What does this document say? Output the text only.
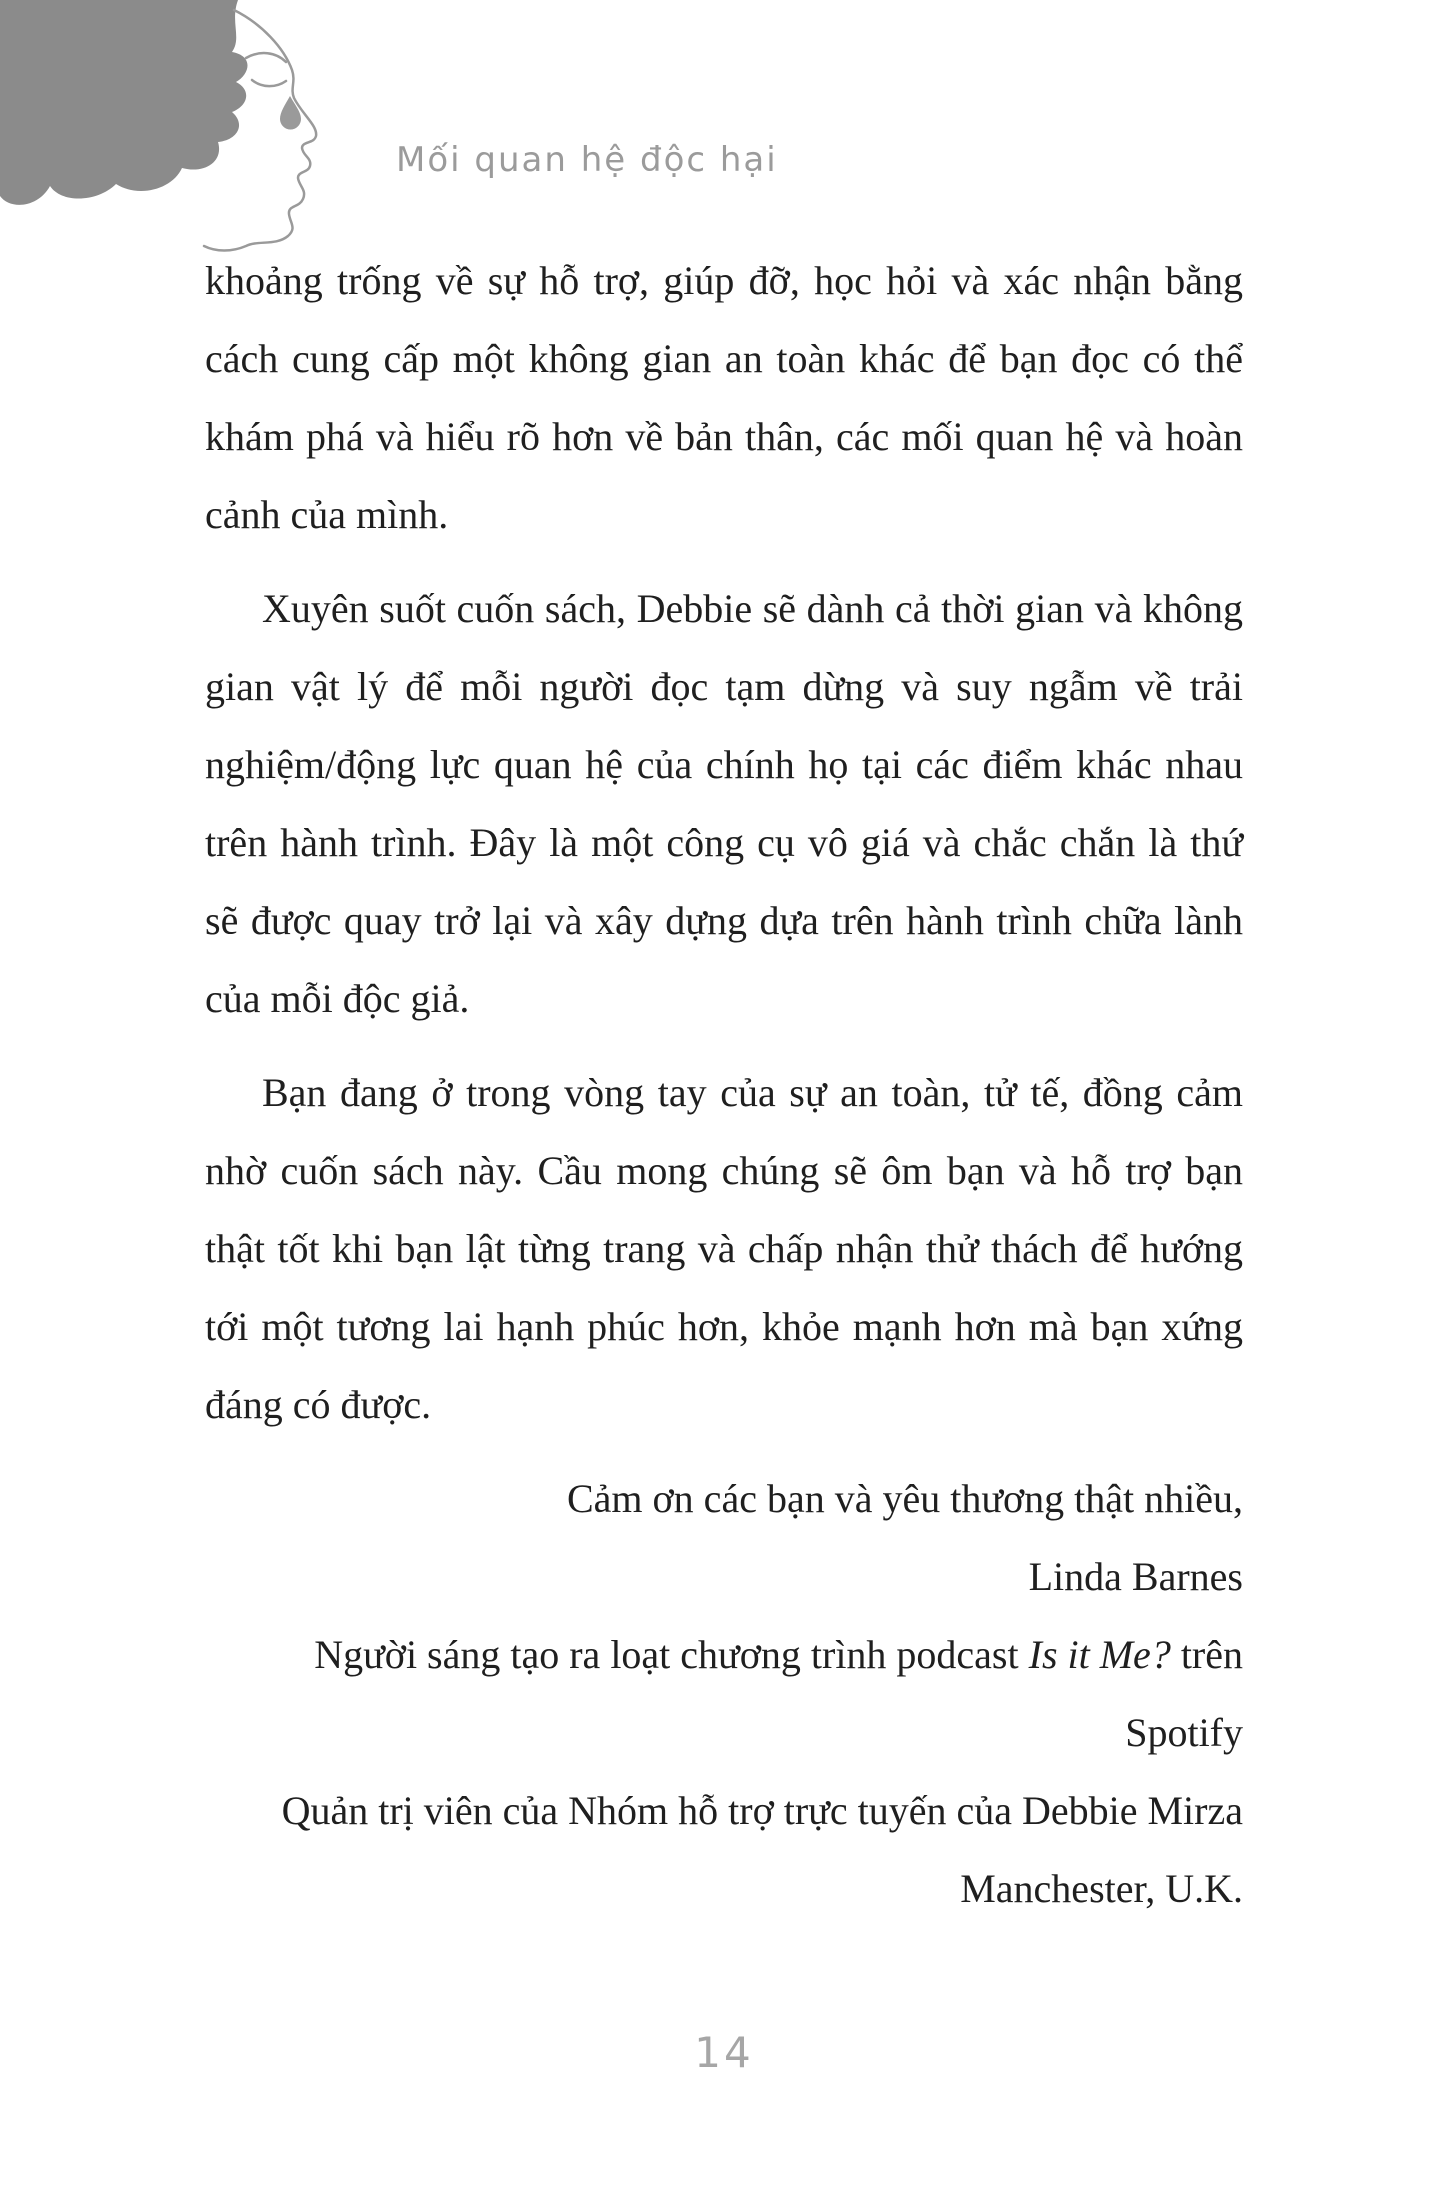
Mối quan hệ độc hại

khoảng trống về sự hỗ trợ, giúp đỡ, học hỏi và xác nhận bằng cách cung cấp một không gian an toàn khác để bạn đọc có thể khám phá và hiểu rõ hơn về bản thân, các mối quan hệ và hoàn cảnh của mình.

Xuyên suốt cuốn sách, Debbie sẽ dành cả thời gian và không gian vật lý để mỗi người đọc tạm dừng và suy ngẫm về trải nghiệm/động lực quan hệ của chính họ tại các điểm khác nhau trên hành trình. Đây là một công cụ vô giá và chắc chắn là thứ sẽ được quay trở lại và xây dựng dựa trên hành trình chữa lành của mỗi độc giả.

Bạn đang ở trong vòng tay của sự an toàn, tử tế, đồng cảm nhờ cuốn sách này. Cầu mong chúng sẽ ôm bạn và hỗ trợ bạn thật tốt khi bạn lật từng trang và chấp nhận thử thách để hướng tới một tương lai hạnh phúc hơn, khỏe mạnh hơn mà bạn xứng đáng có được.

Cảm ơn các bạn và yêu thương thật nhiều,

Linda Barnes

Người sáng tạo ra loạt chương trình podcast Is it Me? trên Spotify

Quản trị viên của Nhóm hỗ trợ trực tuyến của Debbie Mirza Manchester, U.K.

14
